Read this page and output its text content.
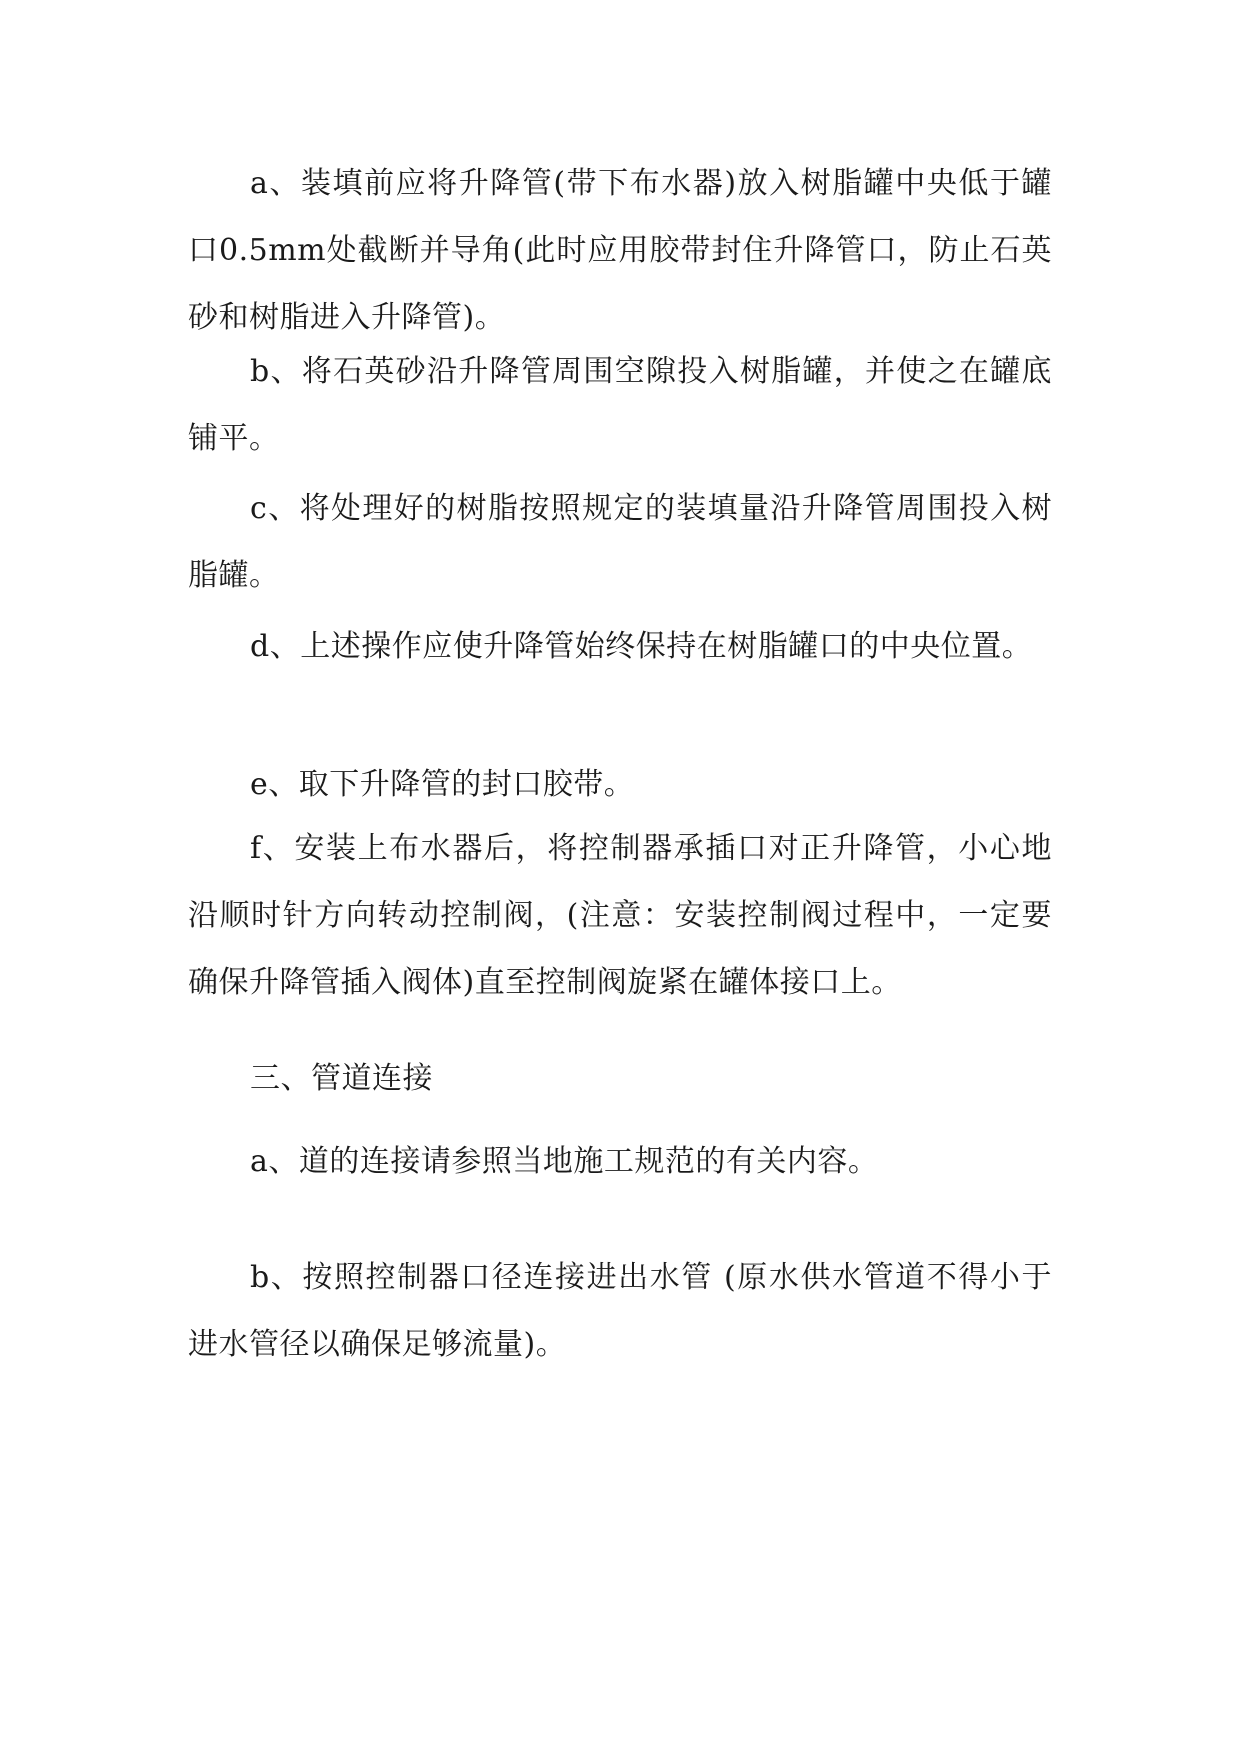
a、装填前应将升降管(带下布水器)放入树脂罐中央低于罐口0.5mm处截断并导角(此时应用胶带封住升降管口，防止石英砂和树脂进入升降管)。

b、将石英砂沿升降管周围空隙投入树脂罐，并使之在罐底铺平。

c、将处理好的树脂按照规定的装填量沿升降管周围投入树脂罐。

d、上述操作应使升降管始终保持在树脂罐口的中央位置。

e、取下升降管的封口胶带。

f、安装上布水器后，将控制器承插口对正升降管，小心地沿顺时针方向转动控制阀，(注意：安装控制阀过程中，一定要确保升降管插入阀体)直至控制阀旋紧在罐体接口上。

三、管道连接

a、道的连接请参照当地施工规范的有关内容。

b、按照控制器口径连接进出水管 (原水供水管道不得小于进水管径以确保足够流量)。
